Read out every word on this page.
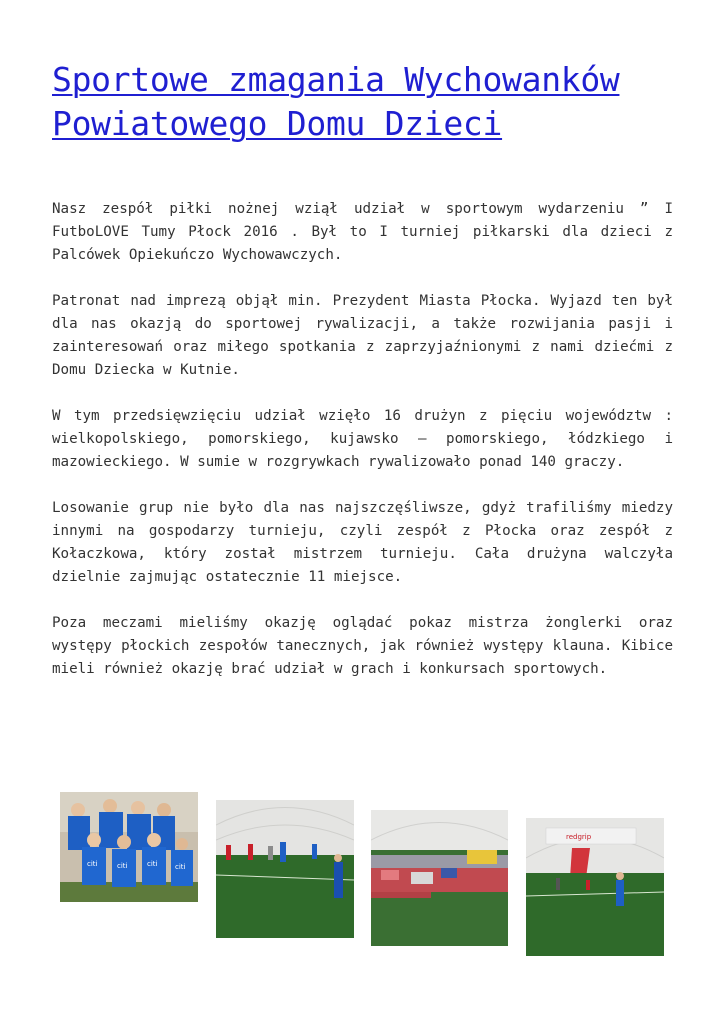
Sportowe zmagania Wychowanków
Powiatowego Domu Dzieci

Nasz zespół piłki nożnej wziął udział w sportowym wydarzeniu ” I FutboLOVE Tumy Płock 2016 . Był to I turniej piłkarski dla dzieci z Palcówek Opiekuńczo Wychowawczych.

Patronat nad imprezą objął min. Prezydent Miasta Płocka. Wyjazd ten był dla nas okazją do sportowej rywalizacji, a także rozwijania pasji i zainteresowań oraz miłego spotkania z zaprzyjaźnionymi z nami dziećmi z Domu Dziecka w Kutnie.

W tym przedsięwzięciu udział wzięło 16 drużyn z pięciu województw : wielkopolskiego, pomorskiego, kujawsko – pomorskiego, łódzkiego i mazowieckiego. W sumie w rozgrywkach rywalizowało ponad 140 graczy.

Losowanie grup nie było dla nas najszczęśliwsze, gdyż trafiliśmy miedzy innymi na gospodarzy turnieju, czyli zespół z Płocka oraz zespół z Kołaczkowa, który został mistrzem turnieju. Cała drużyna walczyła dzielnie zajmując ostatecznie 11 miejsce.

Poza meczami mieliśmy okazję oglądać pokaz mistrza żonglerki oraz występy płockich zespołów tanecznych, jak również występy klauna. Kibice mieli również okazję brać udział w grach i konkursach sportowych.

citi	citi	citi	citi
redgrip
